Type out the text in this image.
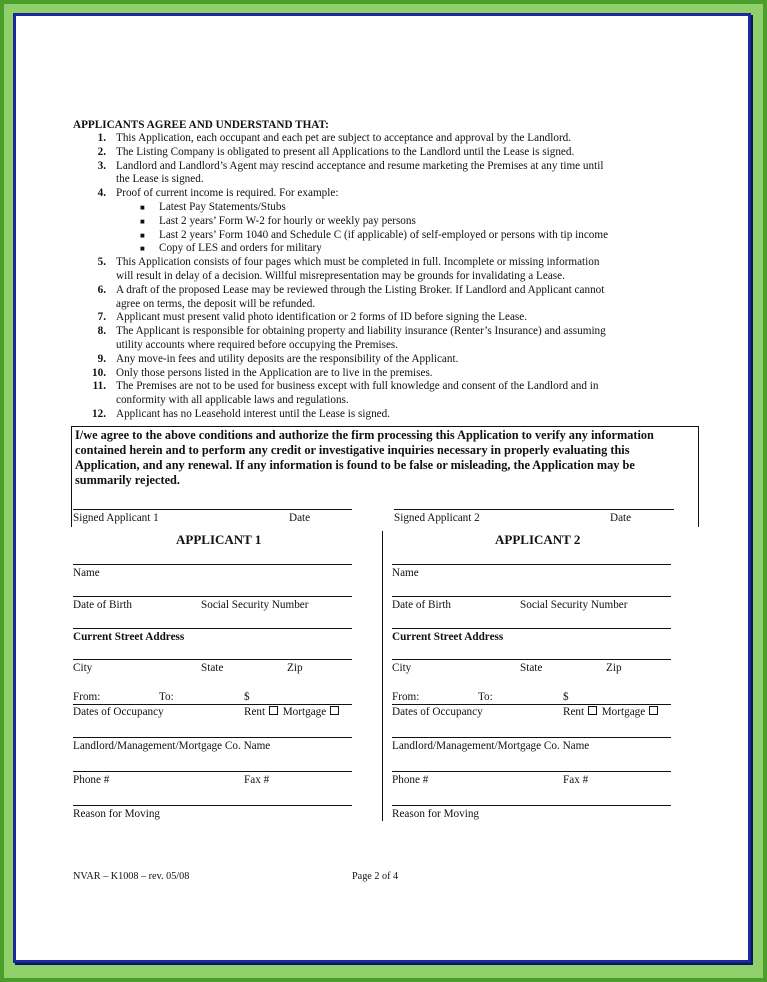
APPLICANTS AGREE AND UNDERSTAND THAT:
1. This Application, each occupant and each pet are subject to acceptance and approval by the Landlord.
2. The Listing Company is obligated to present all Applications to the Landlord until the Lease is signed.
3. Landlord and Landlord’s Agent may rescind acceptance and resume marketing the Premises at any time until
the Lease is signed.
4. Proof of current income is required. For example:
■ Latest Pay Statements/Stubs
■ Last 2 years’ Form W-2 for hourly or weekly pay persons
■ Last 2 years’ Form 1040 and Schedule C (if applicable) of self-employed or persons with tip income
■ Copy of LES and orders for military
5. This Application consists of four pages which must be completed in full. Incomplete or missing information
will result in delay of a decision. Willful misrepresentation may be grounds for invalidating a Lease.
6. A draft of the proposed Lease may be reviewed through the Listing Broker. If Landlord and Applicant cannot
agree on terms, the deposit will be refunded.
7. Applicant must present valid photo identification or 2 forms of ID before signing the Lease.
8. The Applicant is responsible for obtaining property and liability insurance (Renter’s Insurance) and assuming
utility accounts where required before occupying the Premises.
9. Any move-in fees and utility deposits are the responsibility of the Applicant.
10. Only those persons listed in the Application are to live in the premises.
11. The Premises are not to be used for business except with full knowledge and consent of the Landlord and in
conformity with all applicable laws and regulations.
12. Applicant has no Leasehold interest until the Lease is signed.
I/we agree to the above conditions and authorize the firm processing this Application to verify any information contained herein and to perform any credit or investigative inquiries necessary in properly evaluating this Application, and any renewal. If any information is found to be false or misleading, the Application may be summarily rejected.
Signed Applicant 1	Date	Signed Applicant 2	Date
APPLICANT 1
Name
Date of Birth	Social Security Number
Current Street Address
City	State	Zip
From:	To:	$
Dates of Occupancy	Rent Mortgage
Landlord/Management/Mortgage Co. Name
Phone #	Fax #
Reason for Moving
APPLICANT 2
Name
Date of Birth	Social Security Number
Current Street Address
City	State	Zip
From:	To:	$
Dates of Occupancy	Rent Mortgage
Landlord/Management/Mortgage Co. Name
Phone #	Fax #
Reason for Moving
NVAR – K1008 – rev. 05/08	Page 2 of 4
